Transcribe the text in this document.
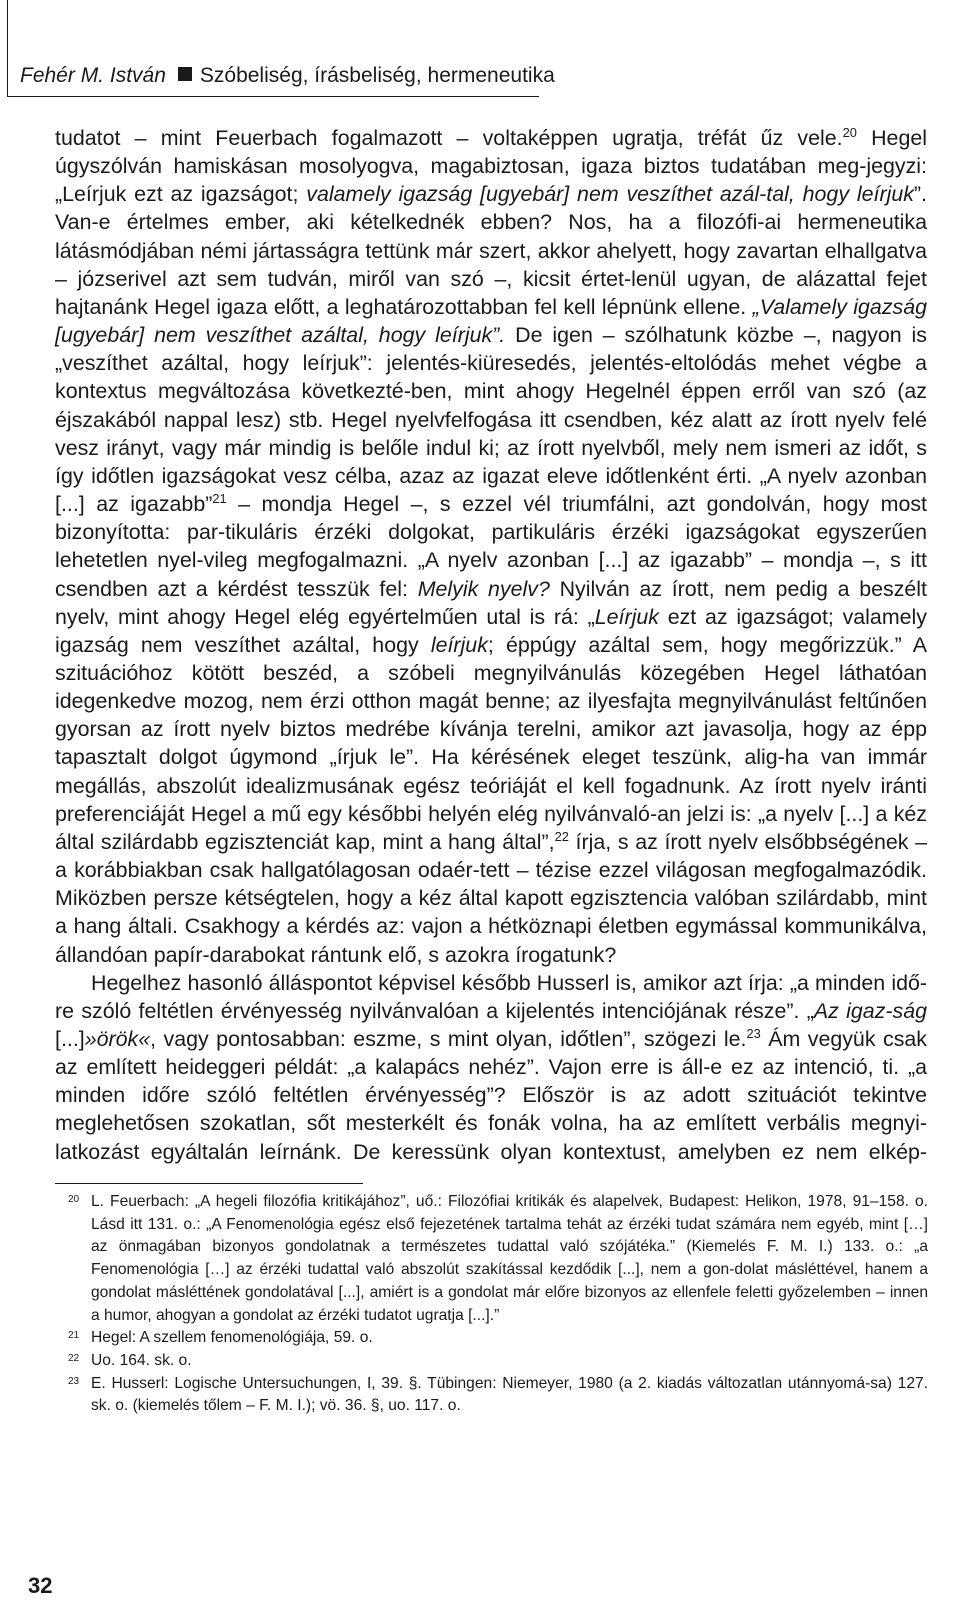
Fehér M. István Szóbeliség, írásbeliség, hermeneutika

tudatot – mint Feuerbach fogalmazott – voltaképpen ugratja, tréfát űz vele.$^{20}$ Hegel úgyszólván hamiskásan mosolyogva, magabiztosan, igaza biztos tudatában meg-jegyzi: „Leírjuk ezt az igazságot; valamely igazság [ugyebár] nem veszíthet azál-tal, hogy leírjuk”. Van-e értelmes ember, aki kételkednék ebben? Nos, ha a filozófi-ai hermeneutika látásmódjában némi jártasságra tettünk már szert, akkor ahelyett, hogy zavartan elhallgatva – józserivel azt sem tudván, miről van szó –, kicsit értet-lenül ugyan, de alázattal fejet hajtanánk Hegel igaza előtt, a leghatározottabban fel kell lépnünk ellene. „Valamely igazság [ugyebár] nem veszíthet azáltal, hogy leírjuk”. De igen – szólhatunk közbe –, nagyon is „veszíthet azáltal, hogy leírjuk”: jelentés-kiüresedés, jelentés-eltolódás mehet végbe a kontextus megváltozása következté-ben, mint ahogy Hegelnél éppen erről van szó (az éjszakából nappal lesz) stb. Hegel nyelvfelfogása itt csendben, kéz alatt az írott nyelv felé vesz irányt, vagy már mindig is belőle indul ki; az írott nyelvből, mely nem ismeri az időt, s így időtlen igazságokat vesz célba, azaz az igazat eleve időtlenként érti. „A nyelv azonban [...] az igazabb”$^{21}$ – mondja Hegel –, s ezzel vél triumfálni, azt gondolván, hogy most bizonyította: par-tikuláris érzéki dolgokat, partikuláris érzéki igazságokat egyszerűen lehetetlen nyel-vileg megfogalmazni. „A nyelv azonban [...] az igazabb” – mondja –, s itt csendben azt a kérdést tesszük fel: Melyik nyelv? Nyilván az írott, nem pedig a beszélt nyelv, mint ahogy Hegel elég egyértelműen utal is rá: „Leírjuk ezt az igazságot; valamely igazság nem veszíthet azáltal, hogy leírjuk; éppúgy azáltal sem, hogy megőrizzük.” A szituációhoz kötött beszéd, a szóbeli megnyilvánulás közegében Hegel láthatóan idegenkedve mozog, nem érzi otthon magát benne; az ilyesfajta megnyilvánulást feltűnően gyorsan az írott nyelv biztos medrébe kívánja terelni, amikor azt javasolja, hogy az épp tapasztalt dolgot úgymond „írjuk le”. Ha kérésének eleget teszünk, alig-ha van immár megállás, abszolút idealizmusának egész teóriáját el kell fogadnunk. Az írott nyelv iránti preferenciáját Hegel a mű egy későbbi helyén elég nyilvánvaló-an jelzi is: „a nyelv [...] a kéz által szilárdabb egzisztenciát kap, mint a hang által”,$^{22}$ írja, s az írott nyelv elsőbbségének – a korábbiakban csak hallgatólagosan odaér-tett – tézise ezzel világosan megfogalmazódik. Miközben persze kétségtelen, hogy a kéz által kapott egzisztencia valóban szilárdabb, mint a hang általi. Csakhogy a kérdés az: vajon a hétköznapi életben egymással kommunikálva, állandóan papír-darabokat rántunk elő, s azokra írogatunk?

Hegelhez hasonló álláspontot képvisel később Husserl is, amikor azt írja: „a minden idő-re szóló feltétlen érvényesség nyilvánvalóan a kijelentés intenciójának része”. „Az igaz-ság [...]»örök«, vagy pontosabban: eszme, s mint olyan, időtlen”, szögezi le.$^{23}$ Ám vegyük csak az említett heideggeri példát: „a kalapács nehéz”. Vajon erre is áll-e ez az intenció, ti. „a minden időre szóló feltétlen érvényesség”? Először is az adott szituációt tekintve meglehetősen szokatlan, sőt mesterkélt és fonák volna, ha az említett verbális megnyi-latkozást egyáltalán leírnánk. De keressünk olyan kontextust, amelyben ez nem elkép-

20 L. Feuerbach: „A hegeli filozófia kritikájához”, uő.: Filozófiai kritikák és alapelvek, Budapest: Helikon, 1978, 91–158. o. Lásd itt 131. o.: „A Fenomenológia egész első fejezetének tartalma tehát az érzéki tudat számára nem egyéb, mint […] az önmagában bizonyos gondolatnak a természetes tudattal való szójátéka.” (Kiemelés F. M. I.) 133. o.: „a Fenomenológia […] az érzéki tudattal való abszolút szakítással kezdődik [...], nem a gon-dolat másléttével, hanem a gondolat másléttének gondolatával [...], amiért is a gondolat már előre bizonyos az ellenfele feletti győzelemben – innen a humor, ahogyan a gondolat az érzéki tudatot ugratja [...].”

21 Hegel: A szellem fenomenológiája, 59. o.

22 Uo. 164. sk. o.

23 E. Husserl: Logische Untersuchungen, I, 39. §. Tübingen: Niemeyer, 1980 (a 2. kiadás változatlan utánnyomá-sa) 127. sk. o. (kiemelés tőlem – F. M. I.); vö. 36. §, uo. 117. o.

32
